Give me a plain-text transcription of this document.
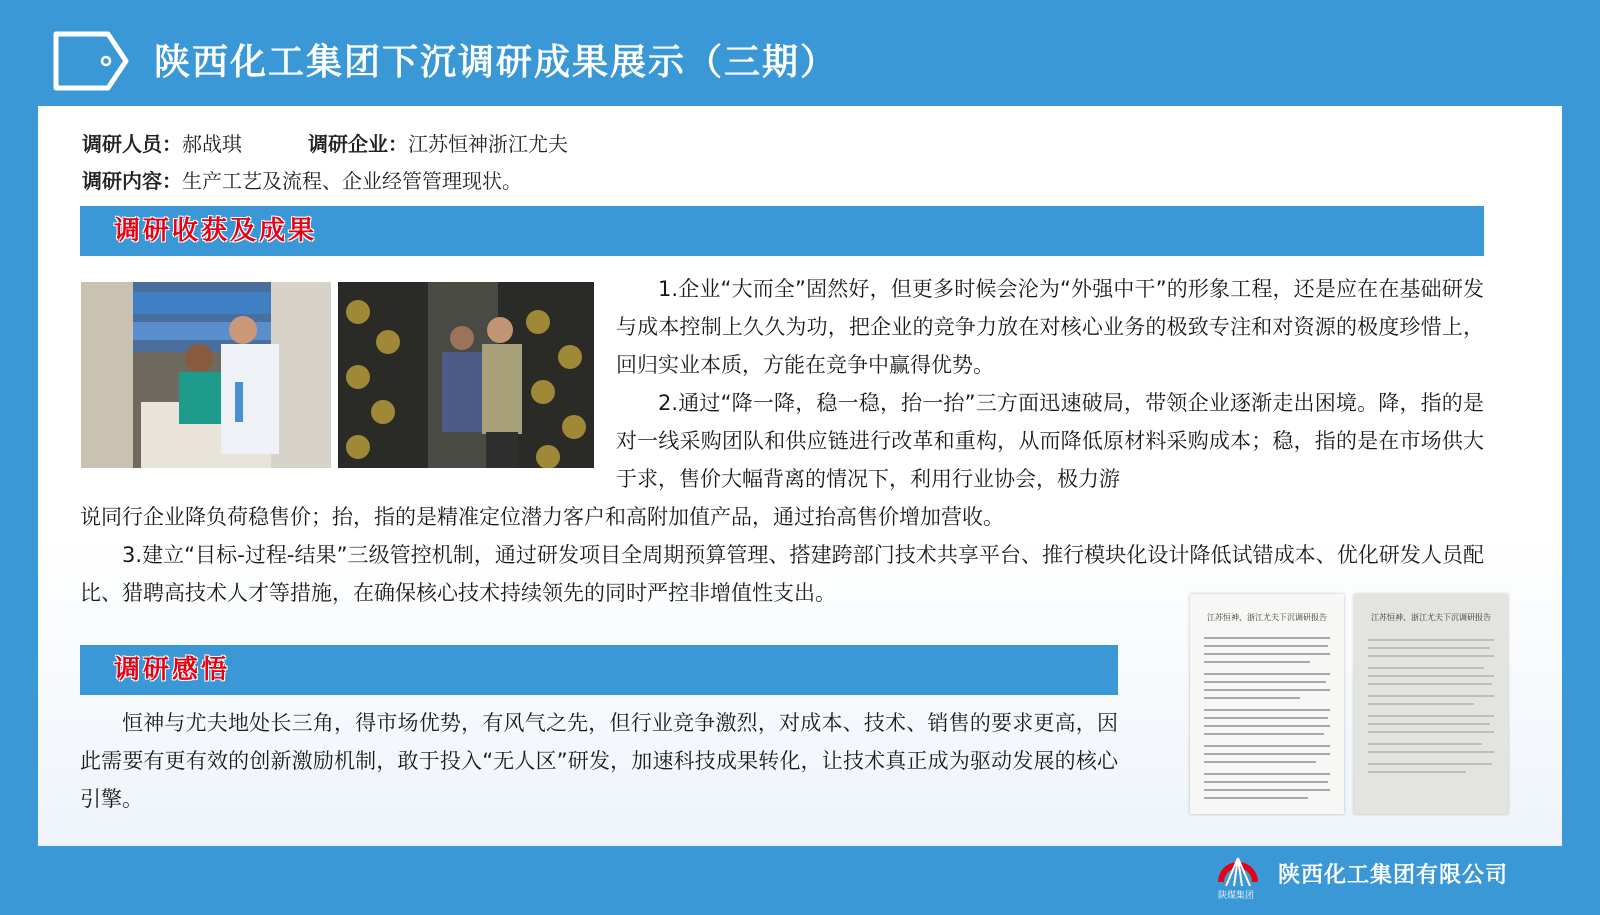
陕西化工集团下沉调研成果展示（三期）
调研人员：郝战琪	调研企业：江苏恒神浙江尤夫
调研内容：生产工艺及流程、企业经管管理现状。
调研收获及成果

1.企业“大而全”固然好，但更多时候会沦为“外强中干”的形象工程，还是应在在基础研发与成本控制上久久为功，把企业的竞争力放在对核心业务的极致专注和对资源的极度珍惜上，回归实业本质，方能在竞争中赢得优势。

2.通过“降一降，稳一稳，抬一抬”三方面迅速破局，带领企业逐渐走出困境。降，指的是对一线采购团队和供应链进行改革和重构，从而降低原材料采购成本；稳，指的是在市场供大于求，售价大幅背离的情况下，利用行业协会，极力游

说同行企业降负荷稳售价；抬，指的是精准定位潜力客户和高附加值产品，通过抬高售价增加营收。

3.建立“目标-过程-结果”三级管控机制，通过研发项目全周期预算管理、搭建跨部门技术共享平台、推行模块化设计降低试错成本、优化研发人员配比、猎聘高技术人才等措施，在确保核心技术持续领先的同时严控非增值性支出。

调研感悟

恒神与尤夫地处长三角，得市场优势，有风气之先，但行业竞争激烈，对成本、技术、销售的要求更高，因此需要有更有效的创新激励机制，敢于投入“无人区”研发，加速科技成果转化，让技术真正成为驱动发展的核心引擎。

江苏恒神、浙江尤夫下沉调研报告	江苏恒神、浙江尤夫下沉调研报告
陕煤集团
陕西化工集团有限公司
